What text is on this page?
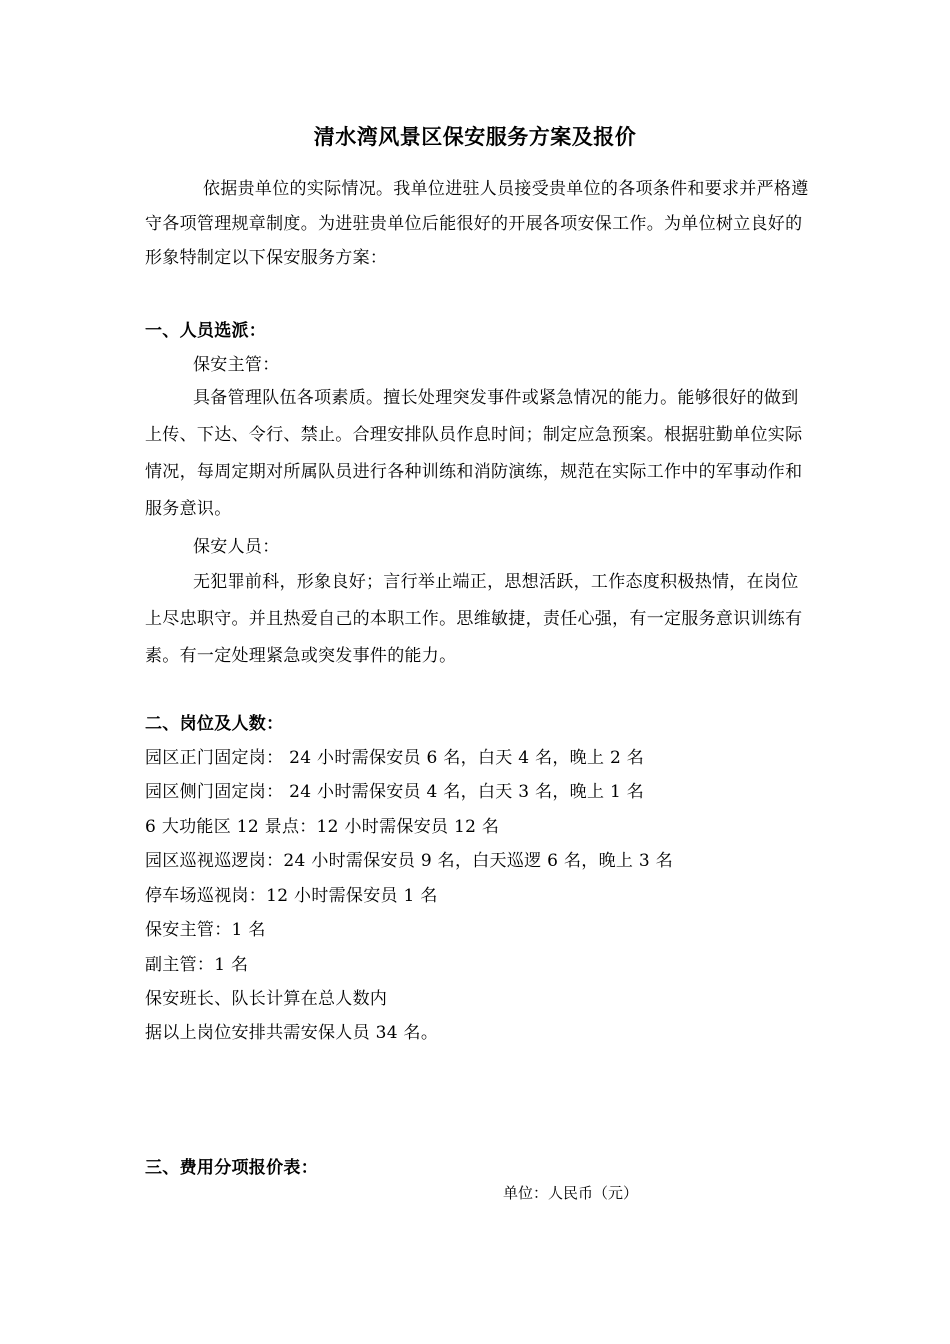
清水湾风景区保安服务方案及报价
依据贵单位的实际情况。我单位进驻人员接受贵单位的各项条件和要求并严格遵守各项管理规章制度。为进驻贵单位后能很好的开展各项安保工作。为单位树立良好的形象特制定以下保安服务方案：
一、人员选派：
保安主管：
具备管理队伍各项素质。擅长处理突发事件或紧急情况的能力。能够很好的做到上传、下达、令行、禁止。合理安排队员作息时间；制定应急预案。根据驻勤单位实际情况，每周定期对所属队员进行各种训练和消防演练，规范在实际工作中的军事动作和服务意识。
保安人员：
无犯罪前科，形象良好；言行举止端正，思想活跃，工作态度积极热情，在岗位上尽忠职守。并且热爱自己的本职工作。思维敏捷，责任心强，有一定服务意识训练有素。有一定处理紧急或突发事件的能力。
二、岗位及人数：
园区正门固定岗： 24 小时需保安员 6 名，白天 4 名，晚上 2 名
园区侧门固定岗： 24 小时需保安员 4 名，白天 3 名，晚上 1 名
6 大功能区 12 景点：12 小时需保安员 12 名
园区巡视巡逻岗：24 小时需保安员 9 名，白天巡逻 6 名，晚上 3 名
停车场巡视岗：12 小时需保安员 1 名
保安主管：1 名
副主管：1 名
保安班长、队长计算在总人数内
据以上岗位安排共需安保人员 34 名。
三、费用分项报价表：
单位：人民币（元）
